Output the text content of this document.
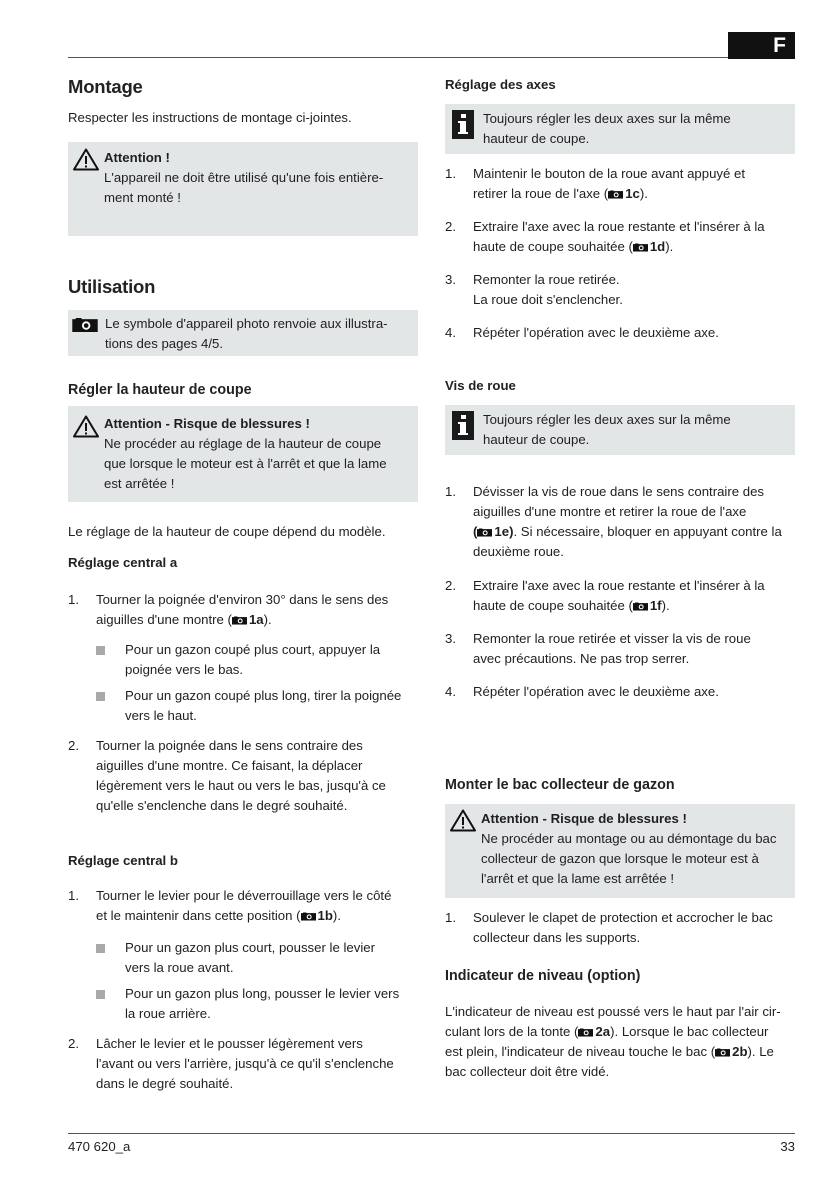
F
Montage

Respecter les instructions de montage ci-jointes.

Attention !
L'appareil ne doit être utilisé qu'une fois entière-
ment monté !
Utilisation
Le symbole d'appareil photo renvoie aux illustra-
tions des pages 4/5.
Régler la hauteur de coupe
Attention - Risque de blessures !
Ne procéder au réglage de la hauteur de coupe
que lorsque le moteur est à l'arrêt et que la lame
est arrêtée !

Le réglage de la hauteur de coupe dépend du modèle.

Réglage central a
1. Tourner la poignée d'environ 30° dans le sens des
aiguilles d'une montre ( 1a).
Pour un gazon coupé plus court, appuyer la
poignée vers le bas.
Pour un gazon coupé plus long, tirer la poignée
vers le haut.
2. Tourner la poignée dans le sens contraire des
aiguilles d'une montre. Ce faisant, la déplacer
légèrement vers le haut ou vers le bas, jusqu'à ce
qu'elle s'enclenche dans le degré souhaité.
Réglage central b
1. Tourner le levier pour le déverrouillage vers le côté
et le maintenir dans cette position ( 1b).
Pour un gazon plus court, pousser le levier
vers la roue avant.
Pour un gazon plus long, pousser le levier vers
la roue arrière.
2. Lâcher le levier et le pousser légèrement vers
l'avant ou vers l'arrière, jusqu'à ce qu'il s'enclenche
dans le degré souhaité.
Réglage des axes
Toujours régler les deux axes sur la même
hauteur de coupe.
1. Maintenir le bouton de la roue avant appuyé et
retirer la roue de l'axe ( 1c).
2. Extraire l'axe avec la roue restante et l'insérer à la
haute de coupe souhaitée ( 1d).
3. Remonter la roue retirée.
La roue doit s'enclencher.
4. Répéter l'opération avec le deuxième axe.
Vis de roue
Toujours régler les deux axes sur la même
hauteur de coupe.
1. Dévisser la vis de roue dans le sens contraire des
aiguilles d'une montre et retirer la roue de l'axe
( 1e). Si nécessaire, bloquer en appuyant contre la
deuxième roue.
2. Extraire l'axe avec la roue restante et l'insérer à la
haute de coupe souhaitée ( 1f).
3. Remonter la roue retirée et visser la vis de roue
avec précautions. Ne pas trop serrer.
4. Répéter l'opération avec le deuxième axe.
Monter le bac collecteur de gazon
Attention - Risque de blessures !
Ne procéder au montage ou au démontage du bac
collecteur de gazon que lorsque le moteur est à
l'arrêt et que la lame est arrêtée !
1. Soulever le clapet de protection et accrocher le bac
collecteur dans les supports.
Indicateur de niveau (option)
L'indicateur de niveau est poussé vers le haut par l'air cir-
culant lors de la tonte ( 2a). Lorsque le bac collecteur
est plein, l'indicateur de niveau touche le bac ( 2b). Le
bac collecteur doit être vidé.
470 620_a	33
